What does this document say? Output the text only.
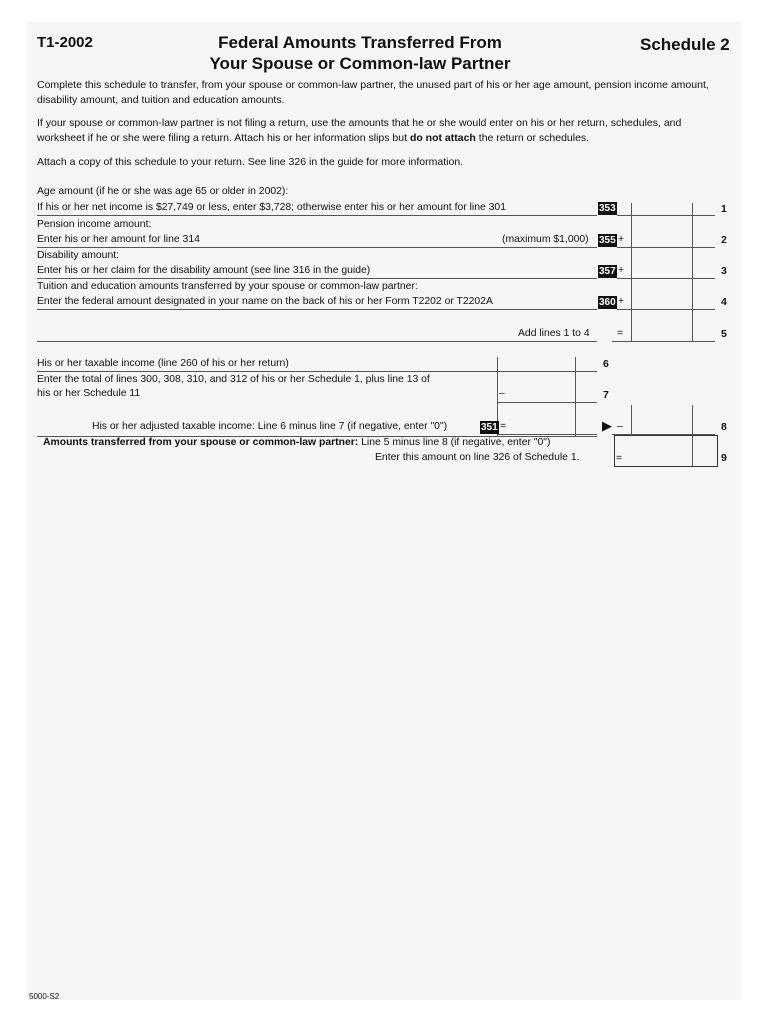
T1-2002	Federal Amounts Transferred From
Your Spouse or Common-law Partner
Schedule 2
Complete this schedule to transfer, from your spouse or common-law partner, the unused part of his or her age amount, pension income amount, disability amount, and tuition and education amounts.
If your spouse or common-law partner is not filing a return, use the amounts that he or she would enter on his or her return, schedules, and worksheet if he or she were filing a return. Attach his or her information slips but do not attach the return or schedules.
Attach a copy of this schedule to your return. See line 326 in the guide for more information.
Age amount (if he or she was age 65 or older in 2002):
If his or her net income is $27,749 or less, enter $3,728; otherwise enter his or her amount for line 301	353	1
Pension income amount:
Enter his or her amount for line 314	(maximum $1,000) 355 +	2
Disability amount:
Enter his or her claim for the disability amount (see line 316 in the guide)	357 +	3
Tuition and education amounts transferred by your spouse or common-law partner:
Enter the federal amount designated in your name on the back of his or her Form T2202 or T2202A	360 +	4
Add lines 1 to 4	=	5
His or her taxable income (line 260 of his or her return)	6
Enter the total of lines 300, 308, 310, and 312 of his or her Schedule 1, plus line 13 of
his or her Schedule 11	–	7
His or her adjusted taxable income: Line 6 minus line 7 (if negative, enter "0")	351 =	▶ –	8
Amounts transferred from your spouse or common-law partner: Line 5 minus line 8 (if negative, enter "0")
Enter this amount on line 326 of Schedule 1.	=	9
5000-S2
